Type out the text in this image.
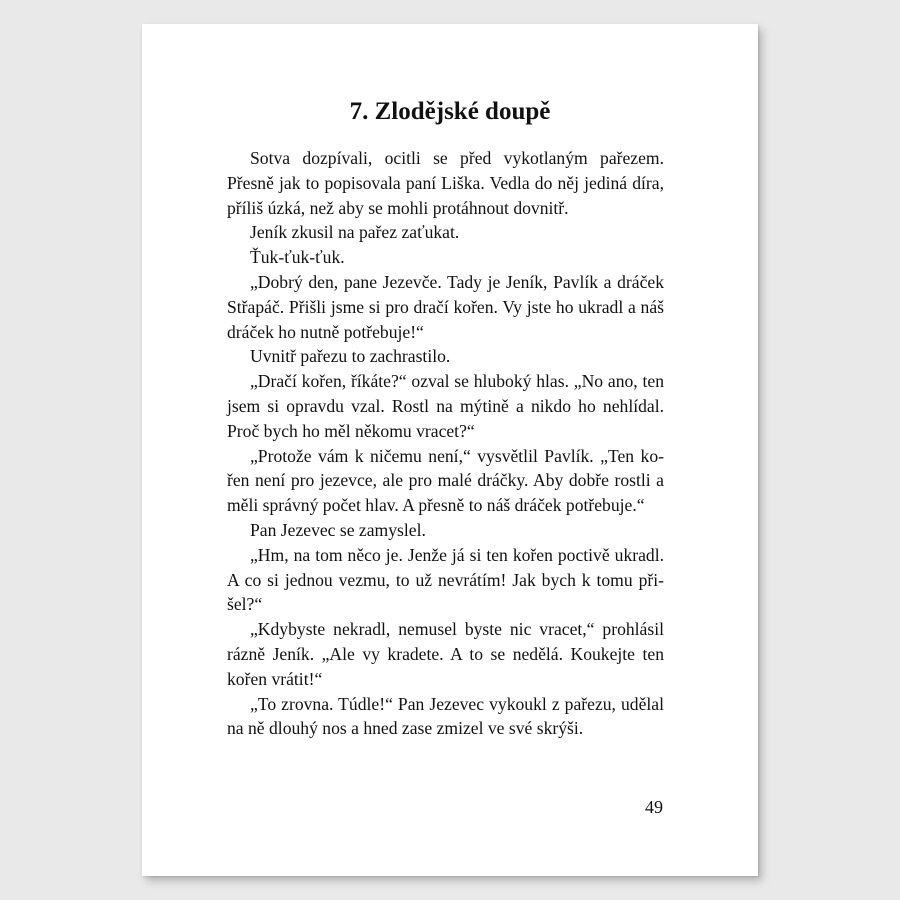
7. Zlodějské doupě

Sotva dozpívali, ocitli se před vykotlaným pařezem. Přesně jak to popisovala paní Liška. Vedla do něj jediná díra, příliš úzká, než aby se mohli protáhnout dovnitř.

Jeník zkusil na pařez zaťukat.

Ťuk-ťuk-ťuk.

„Dobrý den, pane Jezevče. Tady je Jeník, Pavlík a dráček Střapáč. Přišli jsme si pro dračí kořen. Vy jste ho ukradl a náš dráček ho nutně potřebuje!“

Uvnitř pařezu to zachrastilo.

„Dračí kořen, říkáte?“ ozval se hluboký hlas. „No ano, ten jsem si opravdu vzal. Rostl na mýtině a nikdo ho nehlídal. Proč bych ho měl někomu vracet?“

„Protože vám k ničemu není,“ vysvětlil Pavlík. „Ten kořen není pro jezevce, ale pro malé dráčky. Aby dobře rostli a měli správný počet hlav. A přesně to náš dráček potřebuje.“

Pan Jezevec se zamyslel.

„Hm, na tom něco je. Jenže já si ten kořen poctivě ukradl. A co si jednou vezmu, to už nevrátím! Jak bych k tomu přišel?“

„Kdybyste nekradl, nemusel byste nic vracet,“ prohlásil rázně Jeník. „Ale vy kradete. A to se nedělá. Koukejte ten kořen vrátit!“

„To zrovna. Túdle!“ Pan Jezevec vykoukl z pařezu, udělal na ně dlouhý nos a hned zase zmizel ve své skrýši.

49
